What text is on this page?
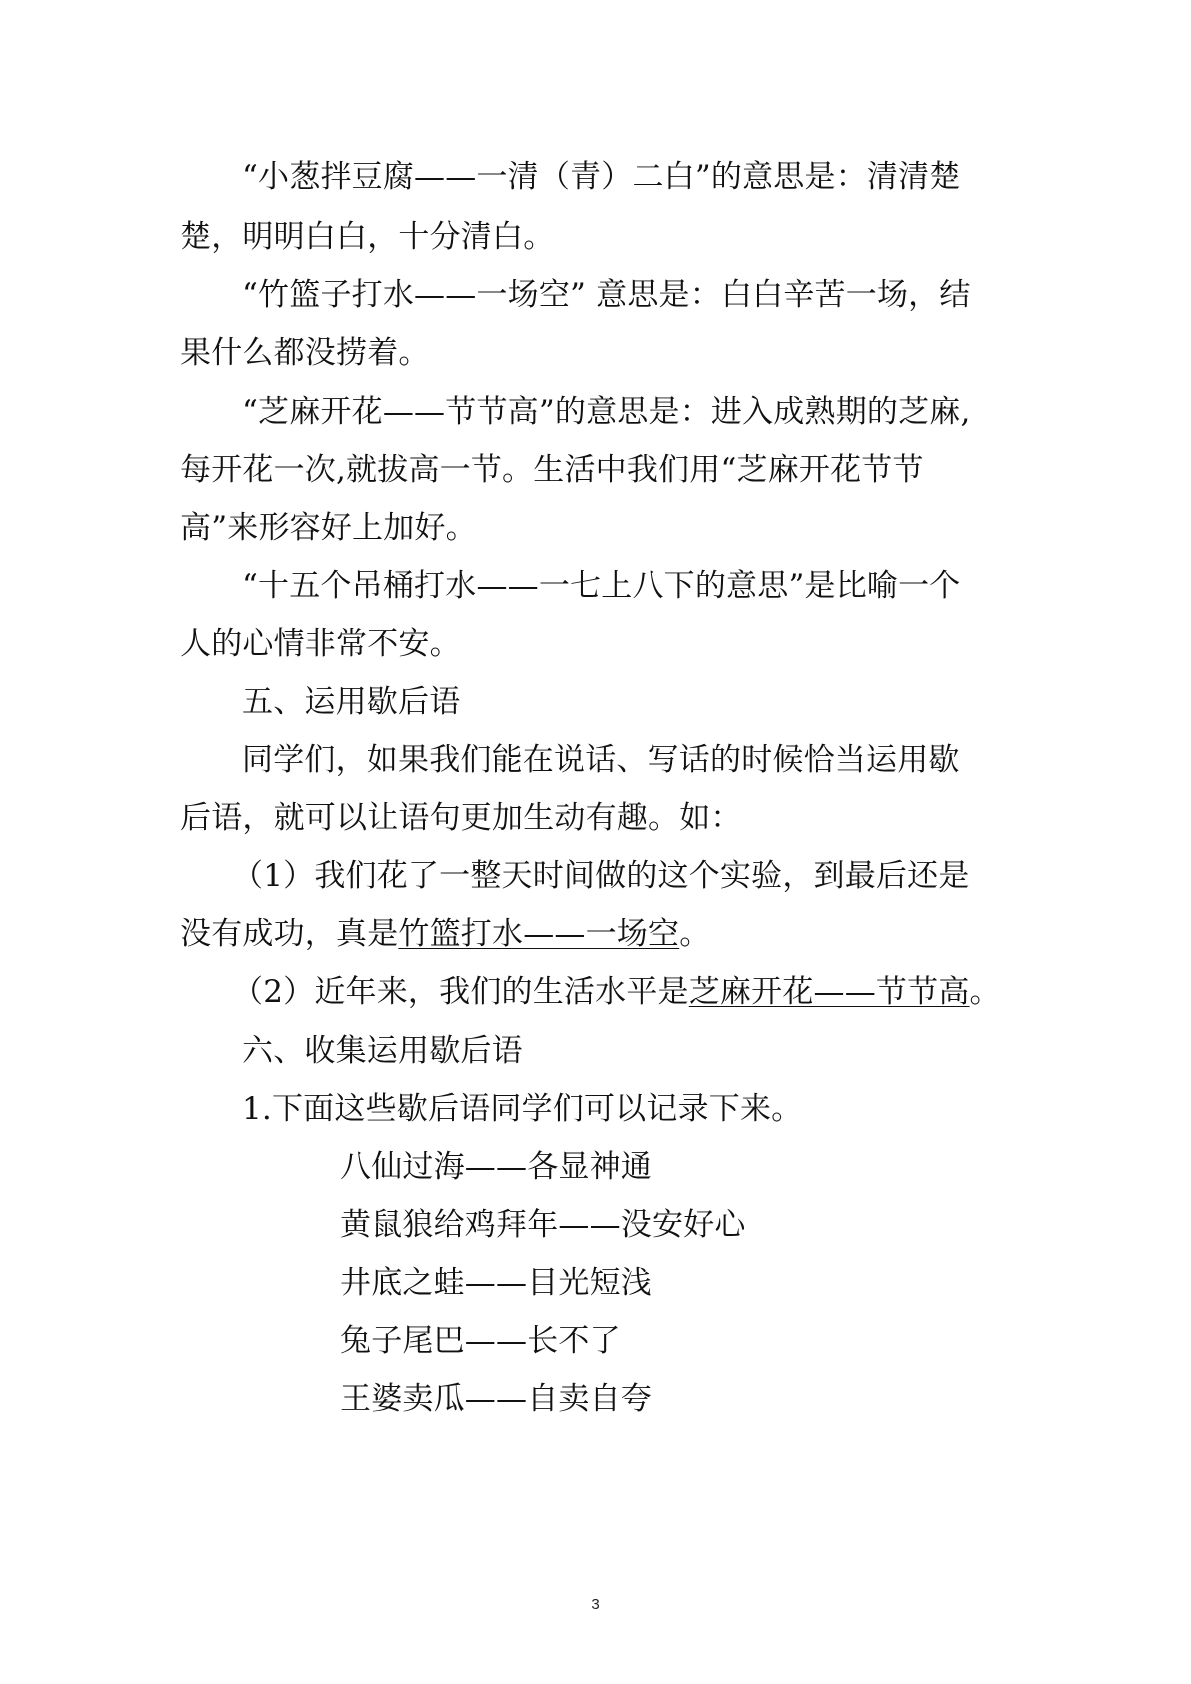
“小葱拌豆腐——一清（青）二白”的意思是：清清楚
楚，明明白白，十分清白。
“竹篮子打水——一场空” 意思是：白白辛苦一场，结
果什么都没捞着。
“芝麻开花——节节高”的意思是：进入成熟期的芝麻,
每开花一次,就拔高一节。生活中我们用“芝麻开花节节
高”来形容好上加好。
“十五个吊桶打水——一七上八下的意思”是比喻一个
人的心情非常不安。
五、运用歇后语
同学们，如果我们能在说话、写话的时候恰当运用歇
后语，就可以让语句更加生动有趣。如：
（1）我们花了一整天时间做的这个实验，到最后还是
没有成功，真是竹篮打水——一场空。
（2）近年来，我们的生活水平是芝麻开花——节节高。
六、收集运用歇后语
1.下面这些歇后语同学们可以记录下来。
八仙过海——各显神通
黄鼠狼给鸡拜年——没安好心
井底之蛙——目光短浅
兔子尾巴——长不了
王婆卖瓜——自卖自夸
3
